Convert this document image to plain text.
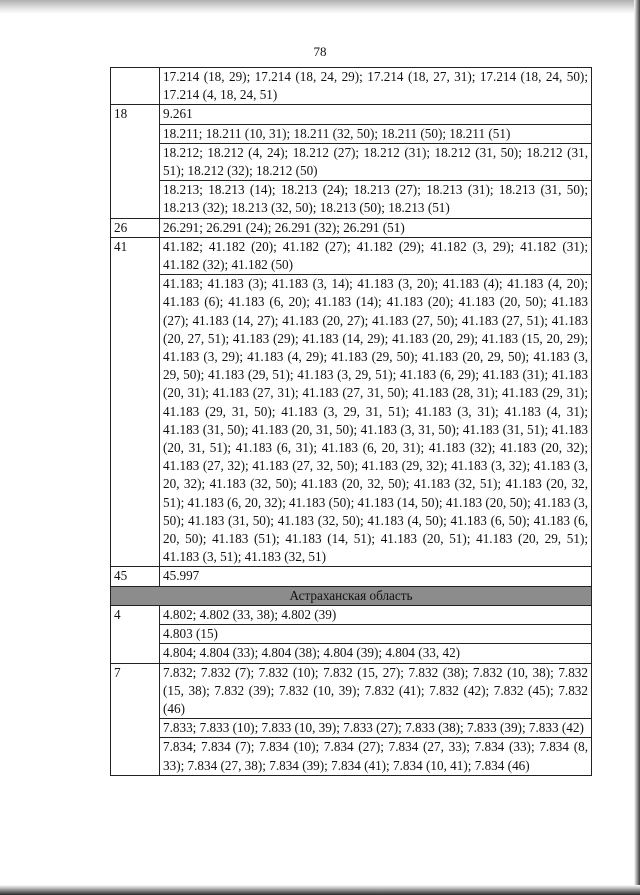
78
	17.214 (18, 29); 17.214 (18, 24, 29); 17.214 (18, 27, 31); 17.214 (18, 24, 50); 17.214 (4, 18, 24, 51)
18	9.261
	18.211; 18.211 (10, 31); 18.211 (32, 50); 18.211 (50); 18.211 (51)
	18.212; 18.212 (4, 24); 18.212 (27); 18.212 (31); 18.212 (31, 50); 18.212 (31, 51); 18.212 (32); 18.212 (50)
	18.213; 18.213 (14); 18.213 (24); 18.213 (27); 18.213 (31); 18.213 (31, 50); 18.213 (32); 18.213 (32, 50); 18.213 (50); 18.213 (51)
26	26.291; 26.291 (24); 26.291 (32); 26.291 (51)
41	41.182; 41.182 (20); 41.182 (27); 41.182 (29); 41.182 (3, 29); 41.182 (31); 41.182 (32); 41.182 (50)
	41.183; 41.183 (3); 41.183 (3, 14); 41.183 (3, 20); 41.183 (4); 41.183 (4, 20); 41.183 (6); 41.183 (6, 20); 41.183 (14); 41.183 (20); 41.183 (20, 50); 41.183 (27); 41.183 (14, 27); 41.183 (20, 27); 41.183 (27, 50); 41.183 (27, 51); 41.183 (20, 27, 51); 41.183 (29); 41.183 (14, 29); 41.183 (20, 29); 41.183 (15, 20, 29); 41.183 (3, 29); 41.183 (4, 29); 41.183 (29, 50); 41.183 (20, 29, 50); 41.183 (3, 29, 50); 41.183 (29, 51); 41.183 (3, 29, 51); 41.183 (6, 29); 41.183 (31); 41.183 (20, 31); 41.183 (27, 31); 41.183 (27, 31, 50); 41.183 (28, 31); 41.183 (29, 31); 41.183 (29, 31, 50); 41.183 (3, 29, 31, 51); 41.183 (3, 31); 41.183 (4, 31); 41.183 (31, 50); 41.183 (20, 31, 50); 41.183 (3, 31, 50); 41.183 (31, 51); 41.183 (20, 31, 51); 41.183 (6, 31); 41.183 (6, 20, 31); 41.183 (32); 41.183 (20, 32); 41.183 (27, 32); 41.183 (27, 32, 50); 41.183 (29, 32); 41.183 (3, 32); 41.183 (3, 20, 32); 41.183 (32, 50); 41.183 (20, 32, 50); 41.183 (32, 51); 41.183 (20, 32, 51); 41.183 (6, 20, 32); 41.183 (50); 41.183 (14, 50); 41.183 (20, 50); 41.183 (3, 50); 41.183 (31, 50); 41.183 (32, 50); 41.183 (4, 50); 41.183 (6, 50); 41.183 (6, 20, 50); 41.183 (51); 41.183 (14, 51); 41.183 (20, 51); 41.183 (20, 29, 51); 41.183 (3, 51); 41.183 (32, 51)
45	45.997
Астраханская область	
4	4.802; 4.802 (33, 38); 4.802 (39)
	4.803 (15)
	4.804; 4.804 (33); 4.804 (38); 4.804 (39); 4.804 (33, 42)
7	7.832; 7.832 (7); 7.832 (10); 7.832 (15, 27); 7.832 (38); 7.832 (10, 38); 7.832 (15, 38); 7.832 (39); 7.832 (10, 39); 7.832 (41); 7.832 (42); 7.832 (45); 7.832 (46)
	7.833; 7.833 (10); 7.833 (10, 39); 7.833 (27); 7.833 (38); 7.833 (39); 7.833 (42)
	7.834; 7.834 (7); 7.834 (10); 7.834 (27); 7.834 (27, 33); 7.834 (33); 7.834 (8, 33); 7.834 (27, 38); 7.834 (39); 7.834 (41); 7.834 (10, 41); 7.834 (46)
